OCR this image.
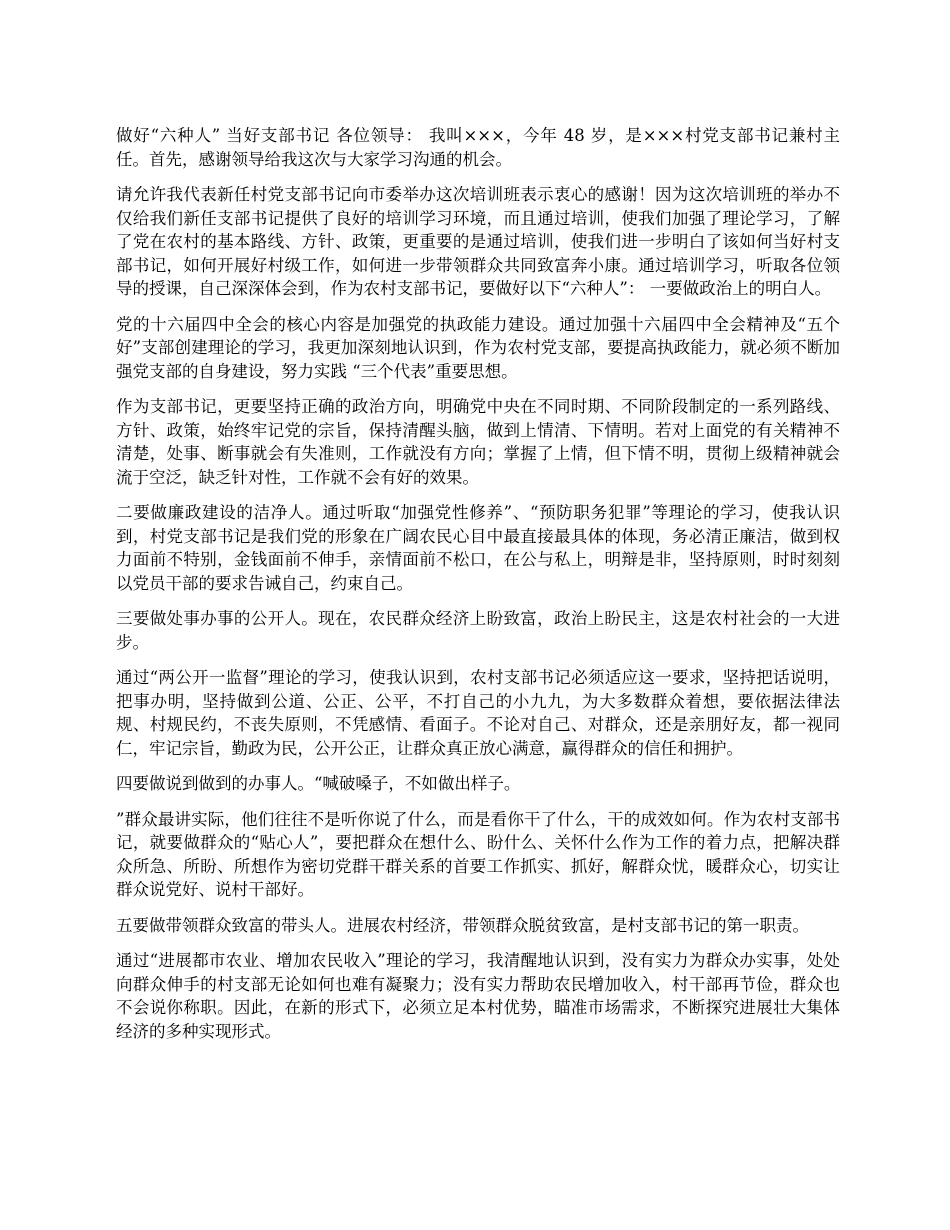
做好“六种人” 当好支部书记 各位领导： 我叫×××，今年 48 岁，是×××村党支部书记兼村主任。首先，感谢领导给我这次与大家学习沟通的机会。

请允许我代表新任村党支部书记向市委举办这次培训班表示衷心的感谢！因为这次培训班的举办不仅给我们新任支部书记提供了良好的培训学习环境，而且通过培训，使我们加强了理论学习，了解了党在农村的基本路线、方针、政策，更重要的是通过培训，使我们进一步明白了该如何当好村支部书记，如何开展好村级工作，如何进一步带领群众共同致富奔小康。通过培训学习，听取各位领导的授课，自己深深体会到，作为农村支部书记，要做好以下“六种人”： 一要做政治上的明白人。

党的十六届四中全会的核心内容是加强党的执政能力建设。通过加强十六届四中全会精神及“五个好”支部创建理论的学习，我更加深刻地认识到，作为农村党支部，要提高执政能力，就必须不断加强党支部的自身建设，努力实践 “三个代表”重要思想。

作为支部书记，更要坚持正确的政治方向，明确党中央在不同时期、不同阶段制定的一系列路线、方针、政策，始终牢记党的宗旨，保持清醒头脑，做到上情清、下情明。若对上面党的有关精神不清楚，处事、断事就会有失准则，工作就没有方向；掌握了上情，但下情不明，贯彻上级精神就会流于空泛，缺乏针对性，工作就不会有好的效果。

二要做廉政建设的洁净人。通过听取“加强党性修养”、“预防职务犯罪”等理论的学习，使我认识到，村党支部书记是我们党的形象在广阔农民心目中最直接最具体的体现，务必清正廉洁，做到权力面前不特别，金钱面前不伸手，亲情面前不松口，在公与私上，明辩是非，坚持原则，时时刻刻以党员干部的要求告诫自己，约束自己。

三要做处事办事的公开人。现在，农民群众经济上盼致富，政治上盼民主，这是农村社会的一大进步。

通过“两公开一监督”理论的学习，使我认识到，农村支部书记必须适应这一要求，坚持把话说明，把事办明，坚持做到公道、公正、公平，不打自己的小九九，为大多数群众着想，要依据法律法规、村规民约，不丧失原则，不凭感情、看面子。不论对自己、对群众，还是亲朋好友，都一视同仁，牢记宗旨，勤政为民，公开公正，让群众真正放心满意，赢得群众的信任和拥护。

四要做说到做到的办事人。“喊破嗓子，不如做出样子。

”群众最讲实际，他们往往不是听你说了什么，而是看你干了什么，干的成效如何。作为农村支部书记，就要做群众的“贴心人”，要把群众在想什么、盼什么、关怀什么作为工作的着力点，把解决群众所急、所盼、所想作为密切党群干群关系的首要工作抓实、抓好，解群众忧，暖群众心，切实让群众说党好、说村干部好。

五要做带领群众致富的带头人。进展农村经济，带领群众脱贫致富，是村支部书记的第一职责。

通过“进展都市农业、增加农民收入”理论的学习，我清醒地认识到，没有实力为群众办实事，处处向群众伸手的村支部无论如何也难有凝聚力；没有实力帮助农民增加收入，村干部再节俭，群众也不会说你称职。因此，在新的形式下，必须立足本村优势，瞄准市场需求，不断探究进展壮大集体经济的多种实现形式。
